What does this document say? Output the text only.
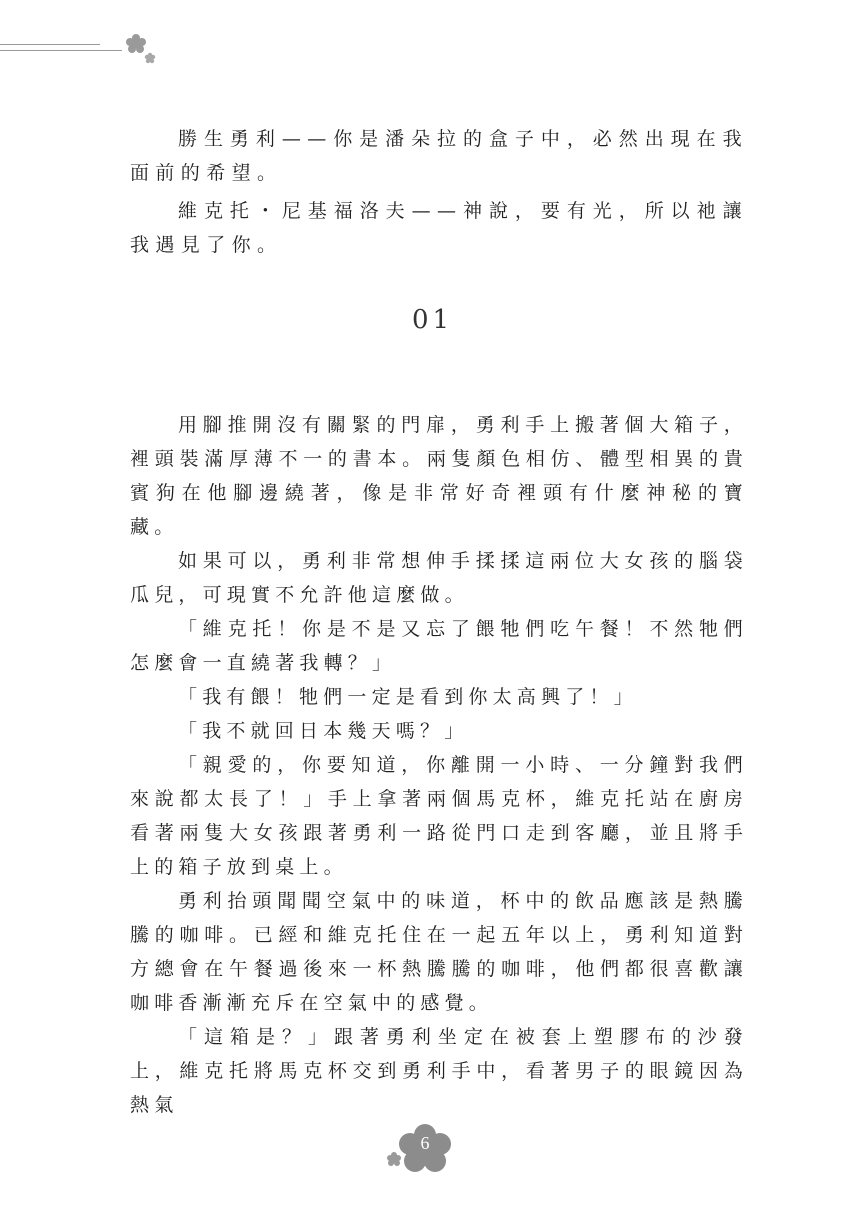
勝生勇利——你是潘朵拉的盒子中，必然出現在我面前的希望。

維克托・尼基福洛夫——神說，要有光，所以祂讓我遇見了你。

01

用腳推開沒有關緊的門扉，勇利手上搬著個大箱子，裡頭裝滿厚薄不一的書本。兩隻顏色相仿、體型相異的貴賓狗在他腳邊繞著，像是非常好奇裡頭有什麼神秘的寶藏。

如果可以，勇利非常想伸手揉揉這兩位大女孩的腦袋瓜兒，可現實不允許他這麼做。

「維克托！你是不是又忘了餵牠們吃午餐！不然牠們怎麼會一直繞著我轉？」

「我有餵！牠們一定是看到你太高興了！」

「我不就回日本幾天嗎？」

「親愛的，你要知道，你離開一小時、一分鐘對我們來說都太長了！」手上拿著兩個馬克杯，維克托站在廚房看著兩隻大女孩跟著勇利一路從門口走到客廳，並且將手上的箱子放到桌上。

勇利抬頭聞聞空氣中的味道，杯中的飲品應該是熱騰騰的咖啡。已經和維克托住在一起五年以上，勇利知道對方總會在午餐過後來一杯熱騰騰的咖啡，他們都很喜歡讓咖啡香漸漸充斥在空氣中的感覺。

「這箱是？」跟著勇利坐定在被套上塑膠布的沙發上，維克托將馬克杯交到勇利手中，看著男子的眼鏡因為熱氣

6
